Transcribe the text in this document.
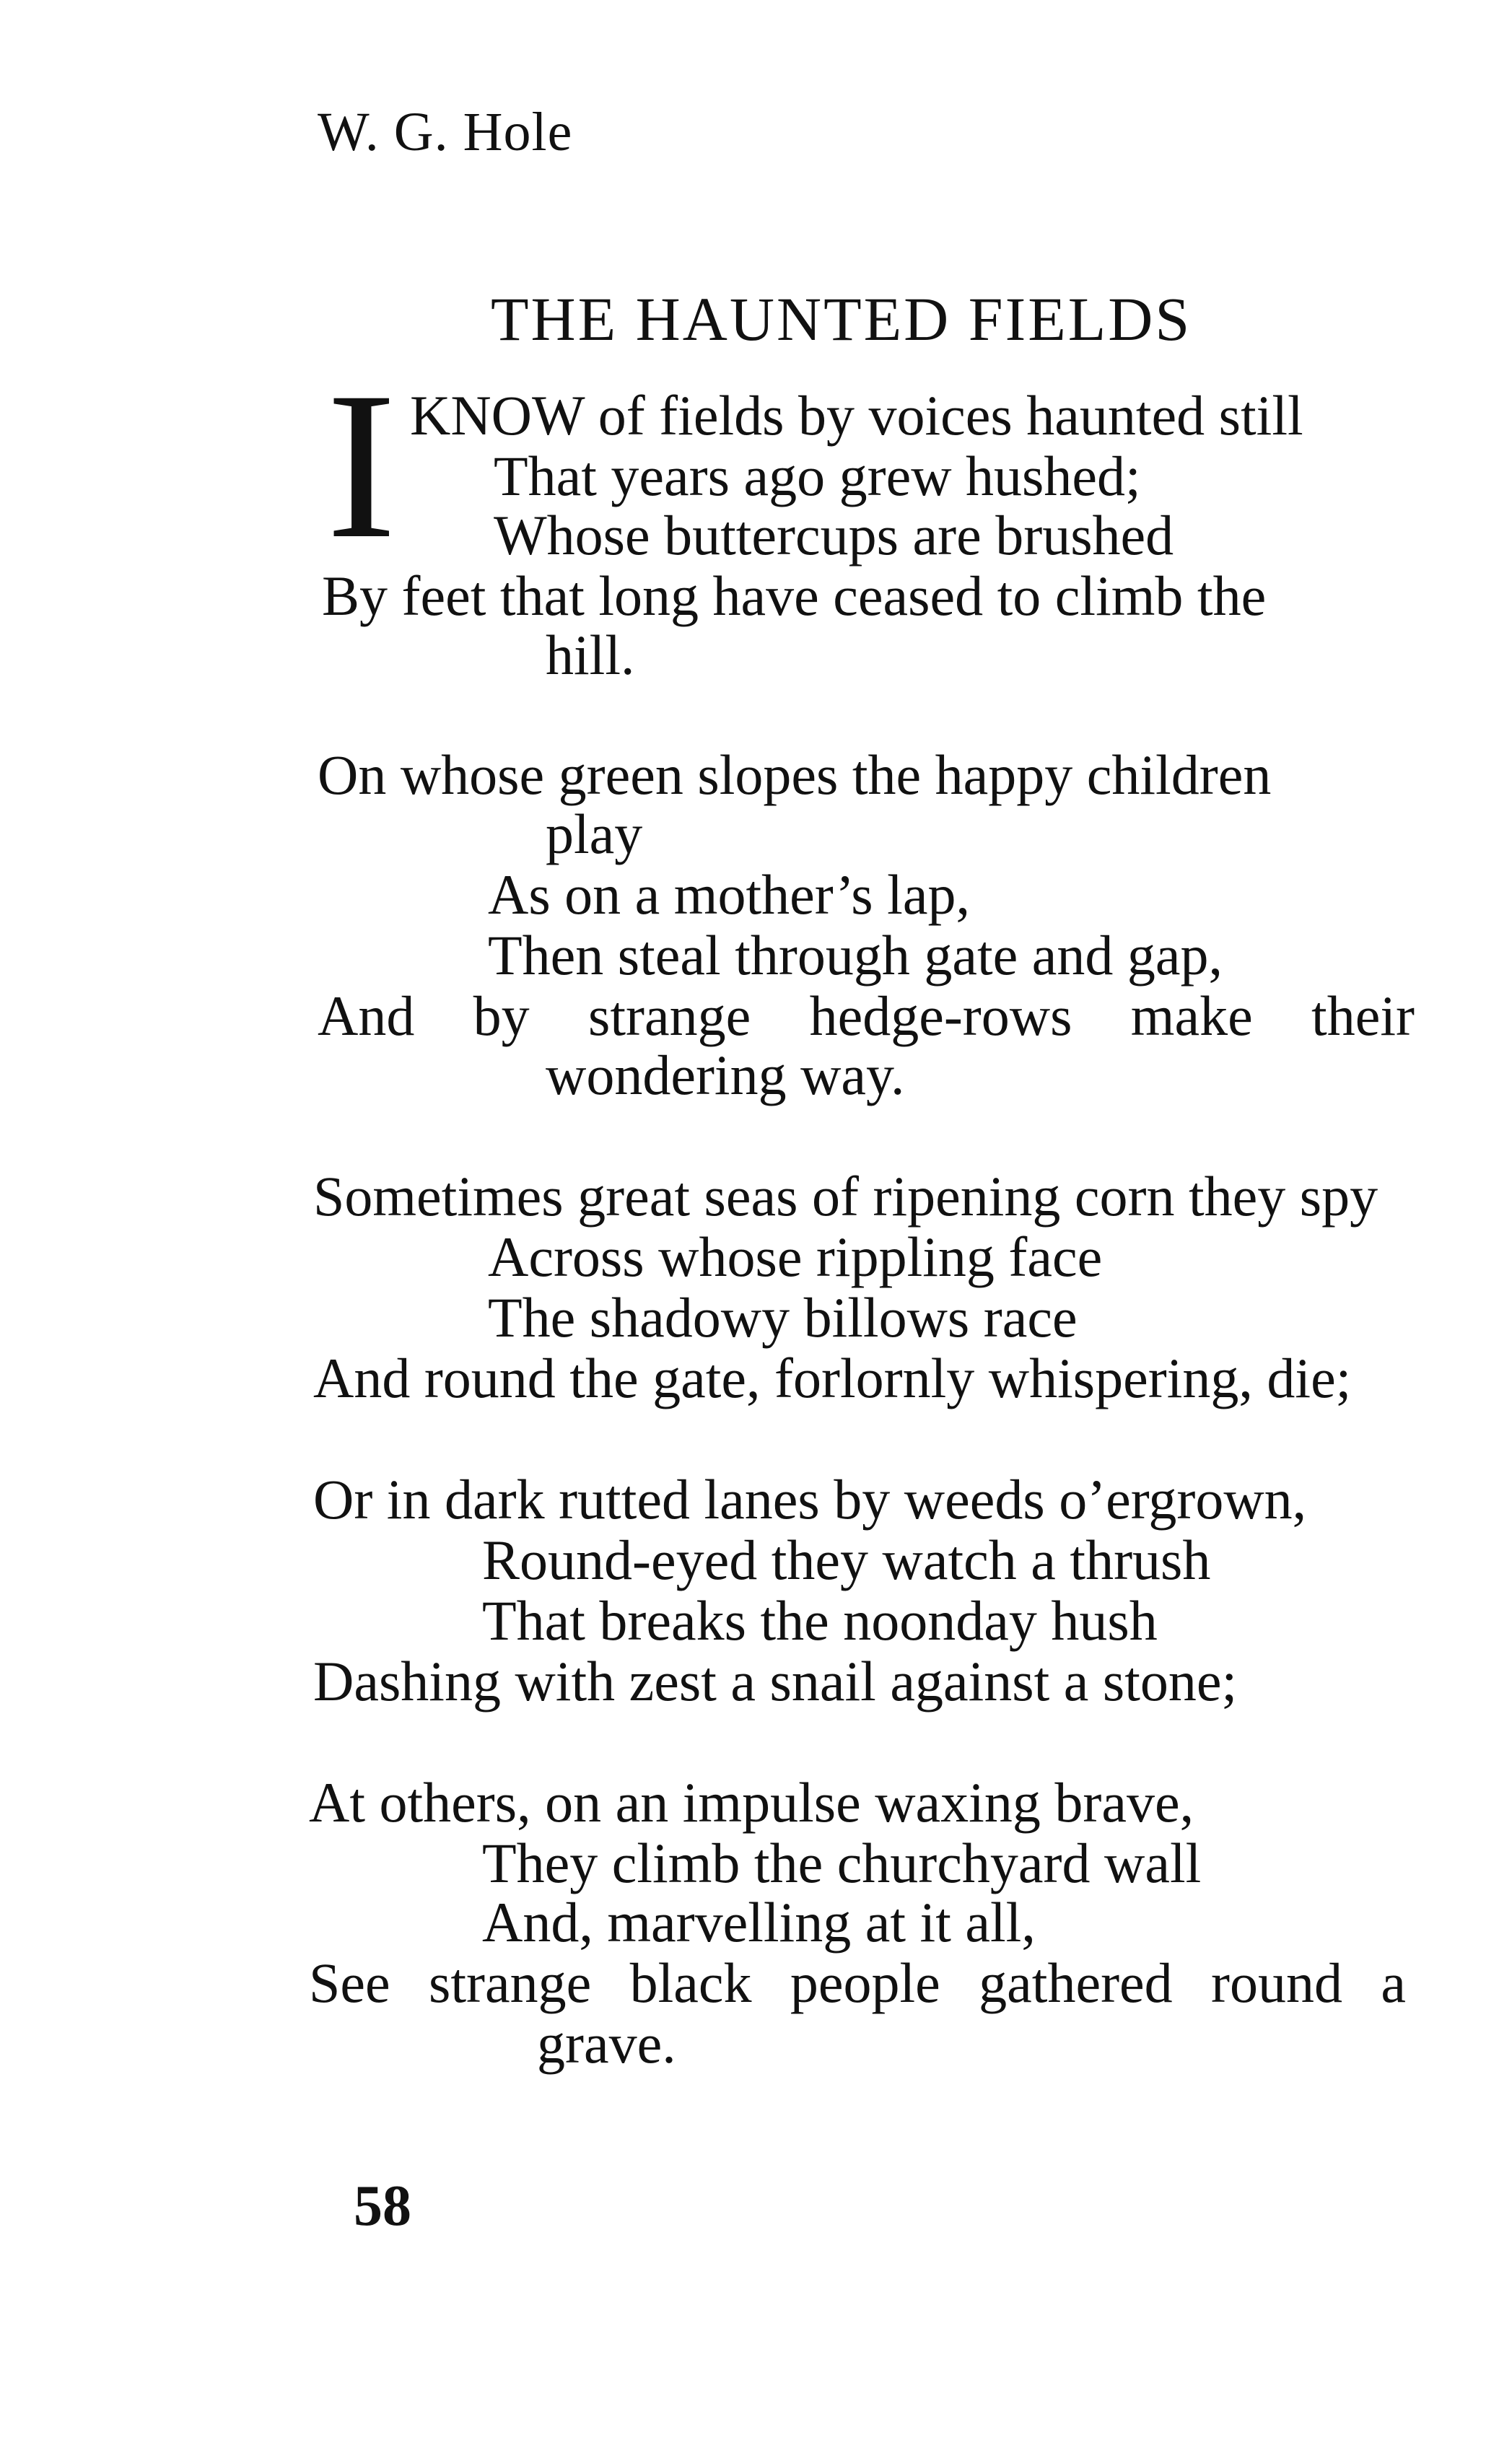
W. G. Hole
THE HAUNTED FIELDS
I KNOW of fields by voices haunted still
That years ago grew hushed;
Whose buttercups are brushed
By feet that long have ceased to climb the
hill.
On whose green slopes the happy children
play
As on a mother’s lap,
Then steal through gate and gap,
And by strange hedge-rows make their
wondering way.
Sometimes great seas of ripening corn they spy
Across whose rippling face
The shadowy billows race
And round the gate, forlornly whispering, die;
Or in dark rutted lanes by weeds o’ergrown,
Round-eyed they watch a thrush
That breaks the noonday hush
Dashing with zest a snail against a stone;
At others, on an impulse waxing brave,
They climb the churchyard wall
And, marvelling at it all,
See strange black people gathered round a
grave.
58
